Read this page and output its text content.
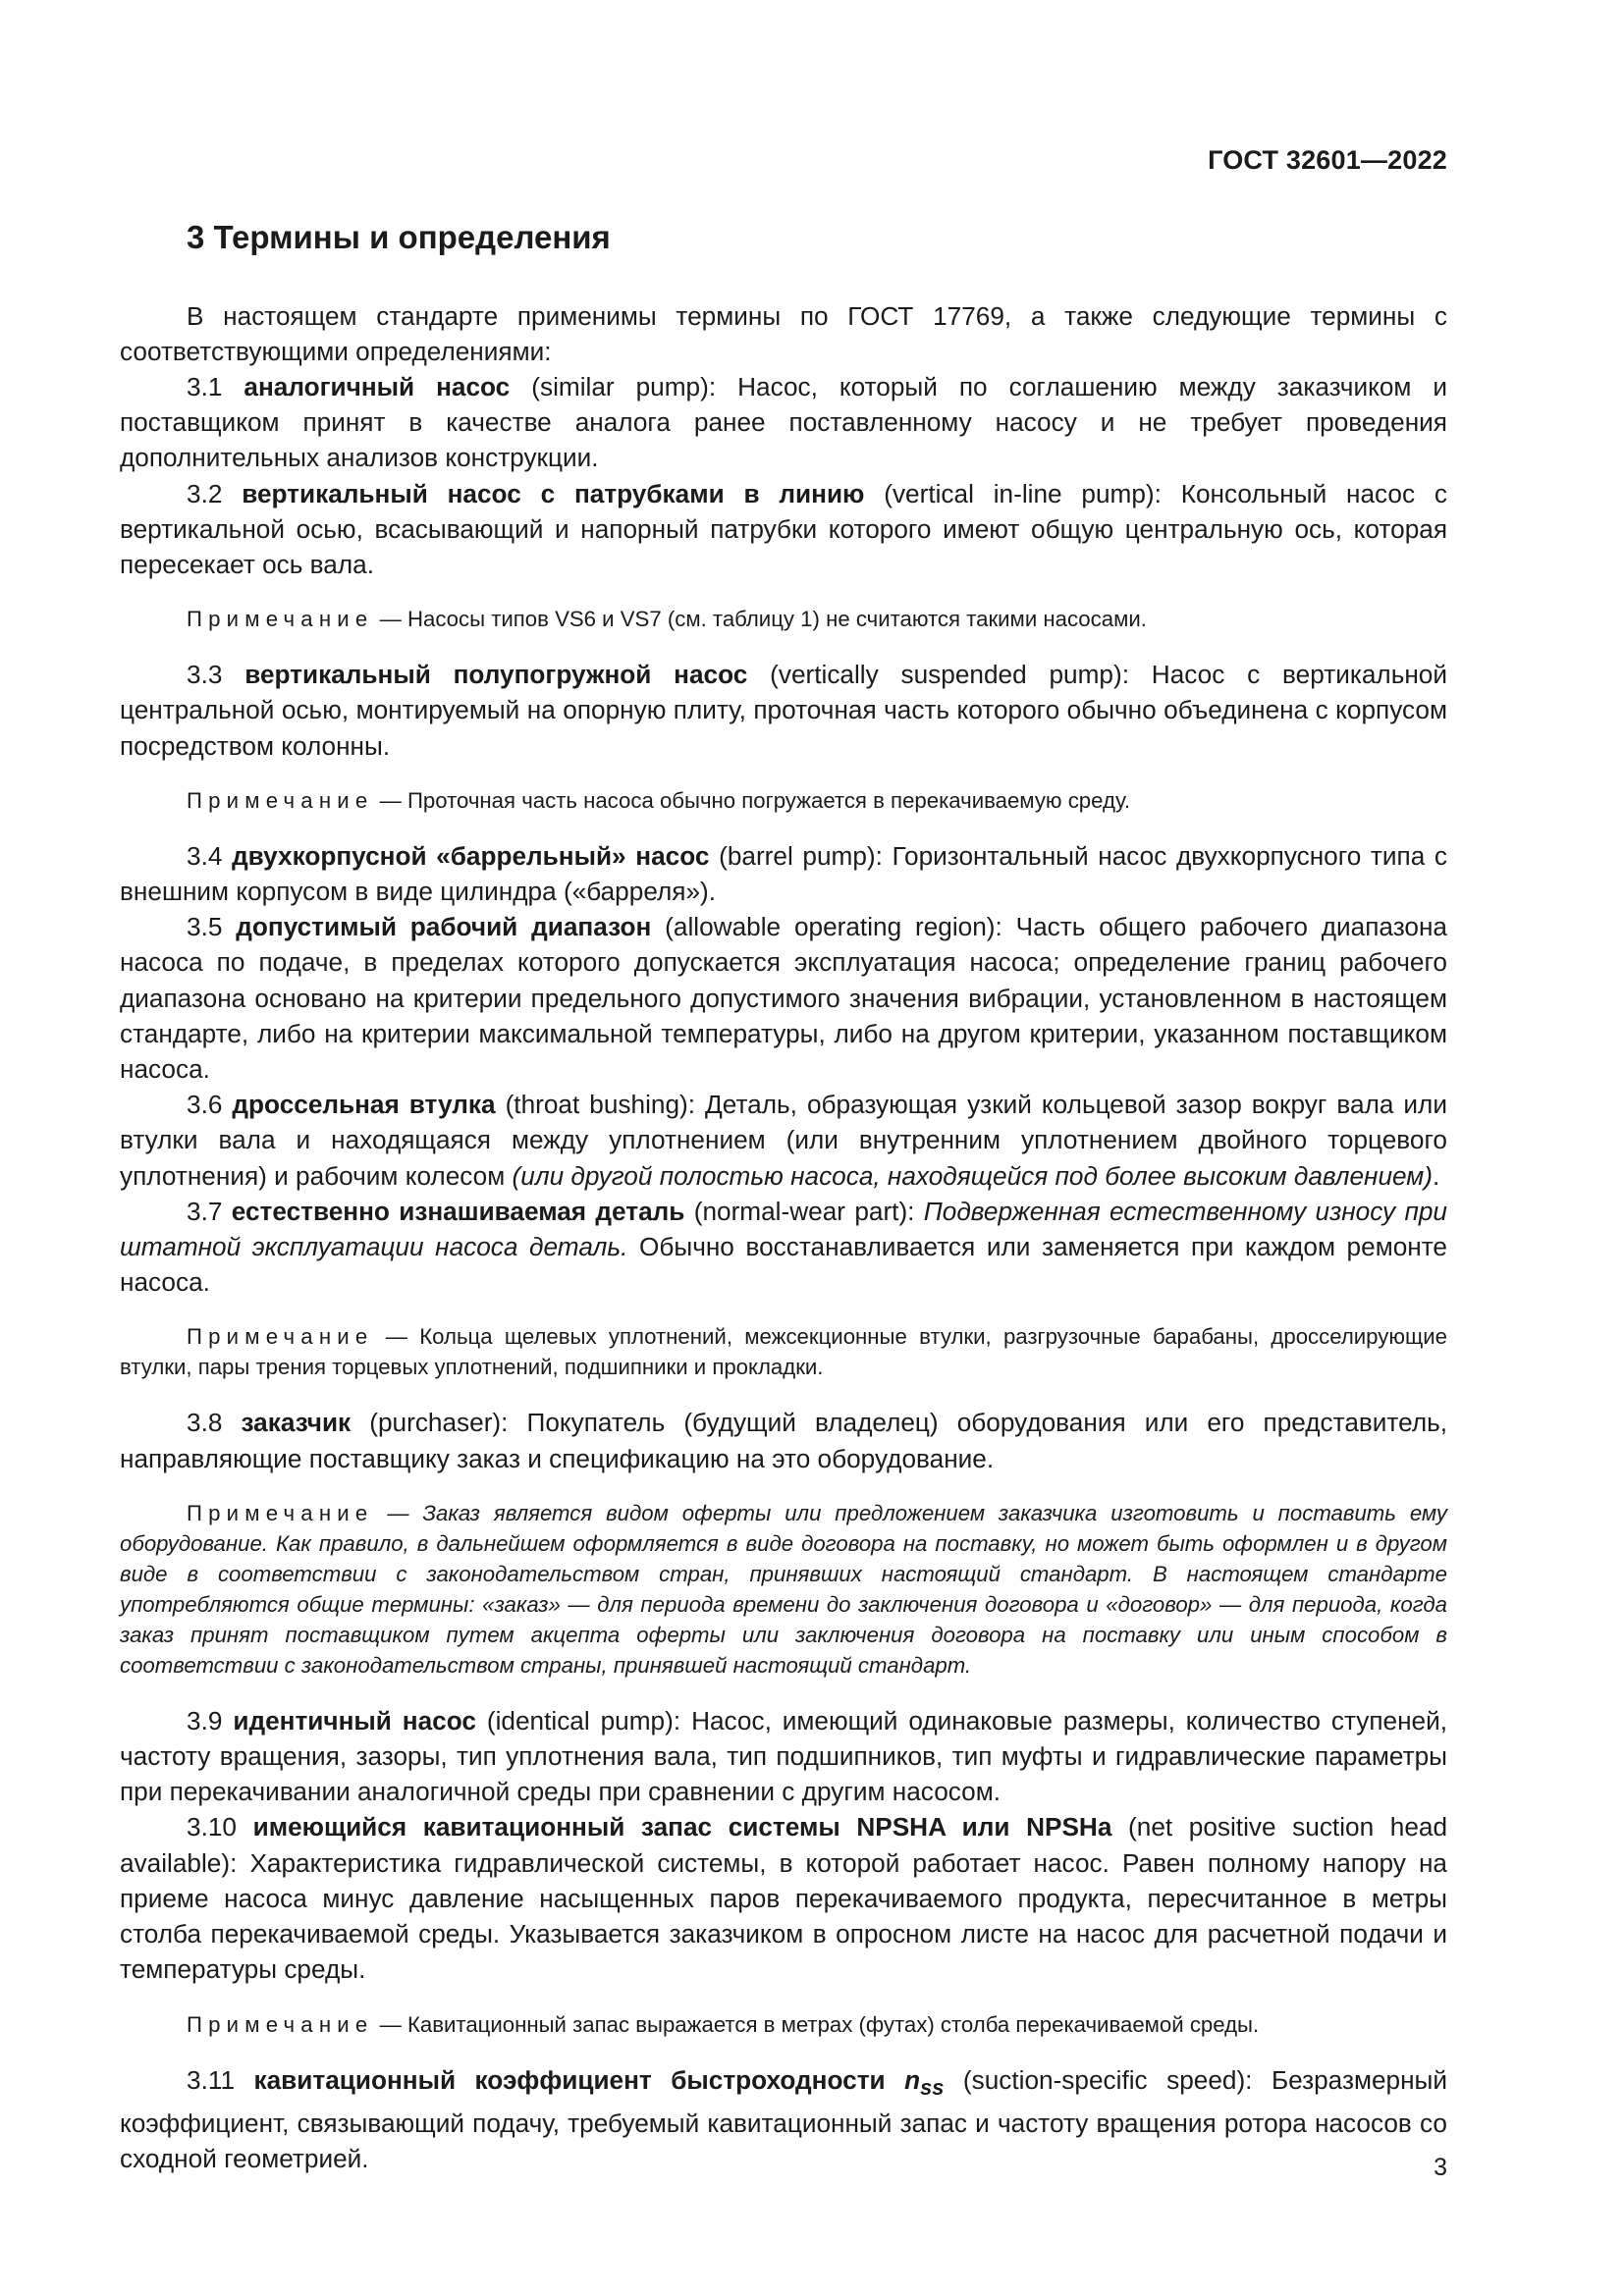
ГОСТ 32601—2022
3 Термины и определения

В настоящем стандарте применимы термины по ГОСТ 17769, а также следующие термины с соответствующими определениями:

3.1 аналогичный насос (similar pump): Насос, который по соглашению между заказчиком и поставщиком принят в качестве аналога ранее поставленному насосу и не требует проведения дополнительных анализов конструкции.

3.2 вертикальный насос с патрубками в линию (vertical in-line pump): Консольный насос с вертикальной осью, всасывающий и напорный патрубки которого имеют общую центральную ось, которая пересекает ось вала.

Примечание — Насосы типов VS6 и VS7 (см. таблицу 1) не считаются такими насосами.

3.3 вертикальный полупогружной насос (vertically suspended pump): Насос с вертикальной центральной осью, монтируемый на опорную плиту, проточная часть которого обычно объединена с корпусом посредством колонны.

Примечание — Проточная часть насоса обычно погружается в перекачиваемую среду.

3.4 двухкорпусной «баррельный» насос (barrel pump): Горизонтальный насос двухкорпусного типа с внешним корпусом в виде цилиндра («барреля»).

3.5 допустимый рабочий диапазон (allowable operating region): Часть общего рабочего диапазона насоса по подаче, в пределах которого допускается эксплуатация насоса; определение границ рабочего диапазона основано на критерии предельного допустимого значения вибрации, установленном в настоящем стандарте, либо на критерии максимальной температуры, либо на другом критерии, указанном поставщиком насоса.

3.6 дроссельная втулка (throat bushing): Деталь, образующая узкий кольцевой зазор вокруг вала или втулки вала и находящаяся между уплотнением (или внутренним уплотнением двойного торцевого уплотнения) и рабочим колесом (или другой полостью насоса, находящейся под более высоким давлением).

3.7 естественно изнашиваемая деталь (normal-wear part): Подверженная естественному износу при штатной эксплуатации насоса деталь. Обычно восстанавливается или заменяется при каждом ремонте насоса.

Примечание — Кольца щелевых уплотнений, межсекционные втулки, разгрузочные барабаны, дросселирующие втулки, пары трения торцевых уплотнений, подшипники и прокладки.

3.8 заказчик (purchaser): Покупатель (будущий владелец) оборудования или его представитель, направляющие поставщику заказ и спецификацию на это оборудование.

Примечание — Заказ является видом оферты или предложением заказчика изготовить и поставить ему оборудование. Как правило, в дальнейшем оформляется в виде договора на поставку, но может быть оформлен и в другом виде в соответствии с законодательством стран, принявших настоящий стандарт. В настоящем стандарте употребляются общие термины: «заказ» — для периода времени до заключения договора и «договор» — для периода, когда заказ принят поставщиком путем акцепта оферты или заключения договора на поставку или иным способом в соответствии с законодательством страны, принявшей настоящий стандарт.

3.9 идентичный насос (identical pump): Насос, имеющий одинаковые размеры, количество ступеней, частоту вращения, зазоры, тип уплотнения вала, тип подшипников, тип муфты и гидравлические параметры при перекачивании аналогичной среды при сравнении с другим насосом.

3.10 имеющийся кавитационный запас системы NPSHA или NPSHa (net positive suction head available): Характеристика гидравлической системы, в которой работает насос. Равен полному напору на приеме насоса минус давление насыщенных паров перекачиваемого продукта, пересчитанное в метры столба перекачиваемой среды. Указывается заказчиком в опросном листе на насос для расчетной подачи и температуры среды.

Примечание — Кавитационный запас выражается в метрах (футах) столба перекачиваемой среды.

3.11 кавитационный коэффициент быстроходности $n_{ss}$ (suction-specific speed): Безразмерный коэффициент, связывающий подачу, требуемый кавитационный запас и частоту вращения ротора насосов со сходной геометрией.	3
